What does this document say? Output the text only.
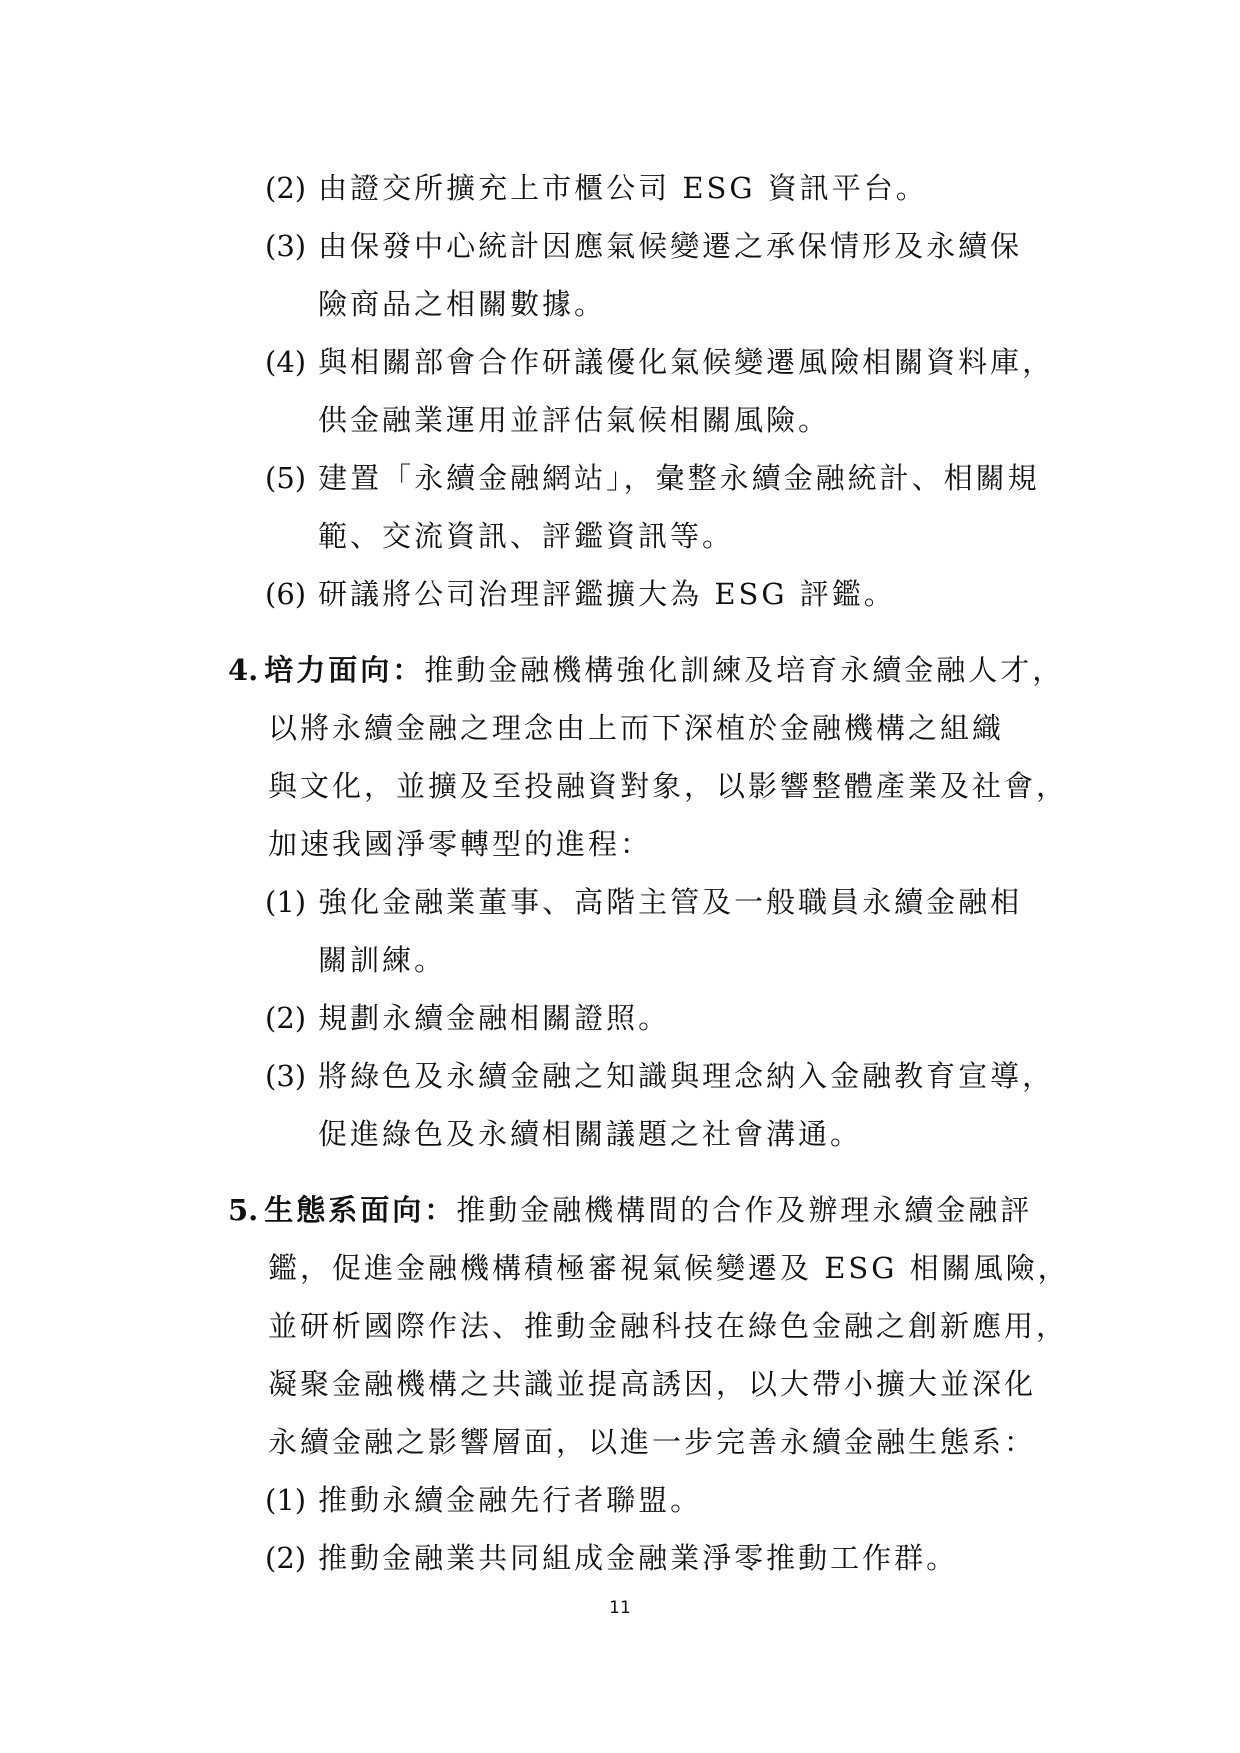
(2) 由證交所擴充上市櫃公司 ESG 資訊平台。
(3) 由保發中心統計因應氣候變遷之承保情形及永續保
險商品之相關數據。
(4) 與相關部會合作研議優化氣候變遷風險相關資料庫，
供金融業運用並評估氣候相關風險。
(5) 建置「永續金融網站」，彙整永續金融統計、相關規
範、交流資訊、評鑑資訊等。
(6) 研議將公司治理評鑑擴大為 ESG 評鑑。
4. 培力面向：推動金融機構強化訓練及培育永續金融人才，
以將永續金融之理念由上而下深植於金融機構之組織
與文化，並擴及至投融資對象，以影響整體產業及社會，
加速我國淨零轉型的進程：
(1) 強化金融業董事、高階主管及一般職員永續金融相
關訓練。
(2) 規劃永續金融相關證照。
(3) 將綠色及永續金融之知識與理念納入金融教育宣導，
促進綠色及永續相關議題之社會溝通。
5. 生態系面向：推動金融機構間的合作及辦理永續金融評
鑑，促進金融機構積極審視氣候變遷及 ESG 相關風險，
並研析國際作法、推動金融科技在綠色金融之創新應用，
凝聚金融機構之共識並提高誘因，以大帶小擴大並深化
永續金融之影響層面，以進一步完善永續金融生態系：
(1) 推動永續金融先行者聯盟。
(2) 推動金融業共同組成金融業淨零推動工作群。
11
